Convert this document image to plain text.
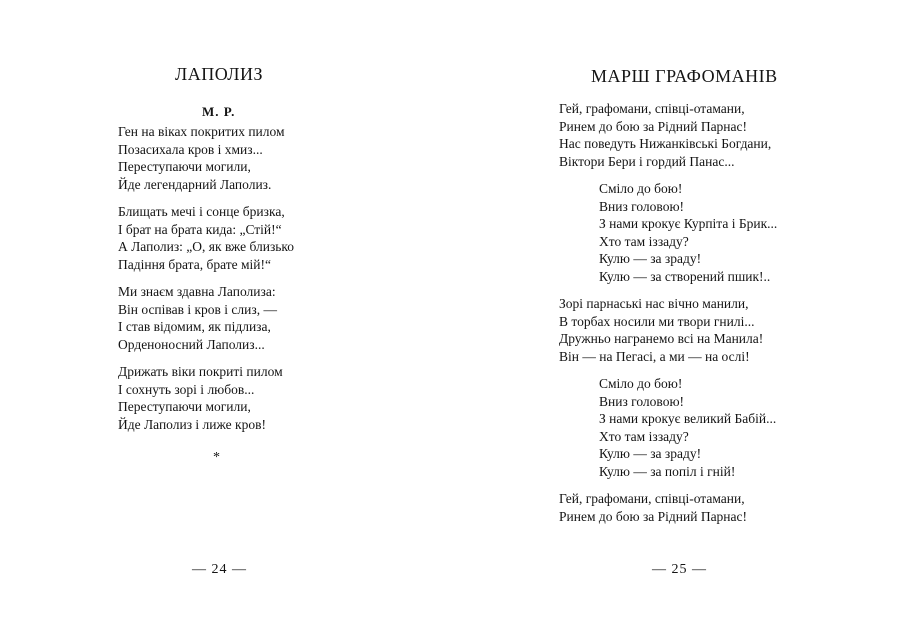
ЛАПОЛИЗ
М. Р.
Ген на віках покритих пилом
Позасихала кров і хмиз...
Переступаючи могили,
Йде легендарний Лаполиз.
Блищать мечі і сонце бризка,
І брат на брата кида: „Стій!“
А Лаполиз: „О, як вже близько
Падіння брата, брате мій!“
Ми знаєм здавна Лаполиза:
Він оспівав і кров і слиз, —
І став відомим, як підлиза,
Орденоносний Лаполиз...
Дрижать віки покриті пилом
І сохнуть зорі і любов...
Переступаючи могили,
Йде Лаполиз і лиже кров!
*
— 24 —
МАРШ ГРАФОМАНІВ
Гей, графомани, співці-отамани,
Ринем до бою за Рідний Парнас!
Нас поведуть Нижанківські Богдани,
Віктори Бери і гордий Панас...
Сміло до бою!
Вниз головою!
З нами крокує Курпіта і Брик...
Хто там іззаду?
Кулю — за зраду!
Кулю — за створений пшик!..
Зорі парнаські нас вічно манили,
В торбах носили ми твори гнилі...
Дружньо награнемо всі на Манила!
Він — на Пегасі, а ми — на ослі!
Сміло до бою!
Вниз головою!
З нами крокує великий Бабій...
Хто там іззаду?
Кулю — за зраду!
Кулю — за попіл і гній!
Гей, графомани, співці-отамани,
Ринем до бою за Рідний Парнас!
— 25 —
